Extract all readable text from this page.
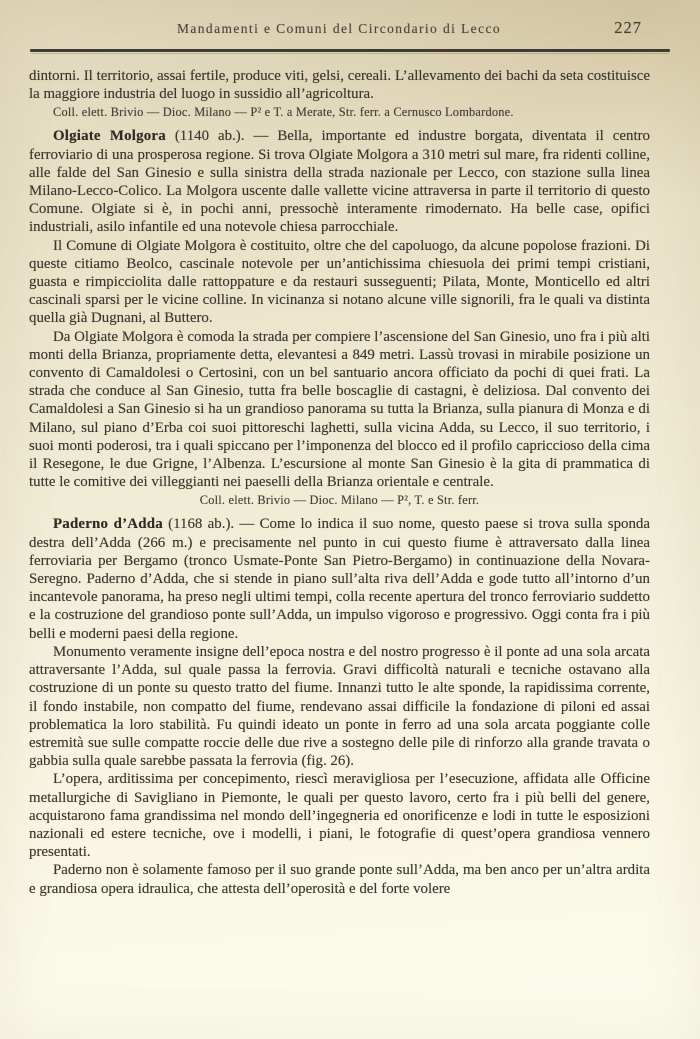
Mandamenti e Comuni del Circondario di Lecco	227

dintorni. Il territorio, assai fertile, produce viti, gelsi, cereali. L’allevamento dei bachi da seta costituisce la maggiore industria del luogo in sussidio all’agricoltura.

Coll. elett. Brivio — Dioc. Milano — P² e T. a Merate, Str. ferr. a Cernusco Lombardone.

Olgiate Molgora (1140 ab.). — Bella, importante ed industre borgata, diventata il centro ferroviario di una prosperosa regione. Si trova Olgiate Molgora a 310 metri sul mare, fra ridenti colline, alle falde del San Ginesio e sulla sinistra della strada nazionale per Lecco, con stazione sulla linea Milano-Lecco-Colico. La Molgora uscente dalle vallette vicine attraversa in parte il territorio di questo Comune. Olgiate si è, in pochi anni, pressochè interamente rimodernato. Ha belle case, opifici industriali, asilo infantile ed una notevole chiesa parrocchiale.

Il Comune di Olgiate Molgora è costituito, oltre che del capoluogo, da alcune popolose frazioni. Di queste citiamo Beolco, cascinale notevole per un’antichissima chiesuola dei primi tempi cristiani, guasta e rimpicciolita dalle rattoppature e da restauri susseguenti; Pilata, Monte, Monticello ed altri cascinali sparsi per le vicine colline. In vicinanza si notano alcune ville signorili, fra le quali va distinta quella già Dugnani, al Buttero.

Da Olgiate Molgora è comoda la strada per compiere l’ascensione del San Ginesio, uno fra i più alti monti della Brianza, propriamente detta, elevantesi a 849 metri. Lassù trovasi in mirabile posizione un convento di Camaldolesi o Certosini, con un bel santuario ancora officiato da pochi di quei frati. La strada che conduce al San Ginesio, tutta fra belle boscaglie di castagni, è deliziosa. Dal convento dei Camaldolesi a San Ginesio si ha un grandioso panorama su tutta la Brianza, sulla pianura di Monza e di Milano, sul piano d’Erba coi suoi pittoreschi laghetti, sulla vicina Adda, su Lecco, il suo territorio, i suoi monti poderosi, tra i quali spiccano per l’imponenza del blocco ed il profilo capriccioso della cima il Resegone, le due Grigne, l’Albenza. L’escursione al monte San Ginesio è la gita di prammatica di tutte le comitive dei villeggianti nei paeselli della Brianza orientale e centrale.

Coll. elett. Brivio — Dioc. Milano — P², T. e Str. ferr.

Paderno d’Adda (1168 ab.). — Come lo indica il suo nome, questo paese si trova sulla sponda destra dell’Adda (266 m.) e precisamente nel punto in cui questo fiume è attraversato dalla linea ferroviaria per Bergamo (tronco Usmate-Ponte San Pietro-Bergamo) in continuazione della Novara-Seregno. Paderno d’Adda, che si stende in piano sull’alta riva dell’Adda e gode tutto all’intorno d’un incantevole panorama, ha preso negli ultimi tempi, colla recente apertura del tronco ferroviario suddetto e la costruzione del grandioso ponte sull’Adda, un impulso vigoroso e progressivo. Oggi conta fra i più belli e moderni paesi della regione.

Monumento veramente insigne dell’epoca nostra e del nostro progresso è il ponte ad una sola arcata attraversante l’Adda, sul quale passa la ferrovia. Gravi difficoltà naturali e tecniche ostavano alla costruzione di un ponte su questo tratto del fiume. Innanzi tutto le alte sponde, la rapidissima corrente, il fondo instabile, non compatto del fiume, rendevano assai difficile la fondazione di piloni ed assai problematica la loro stabilità. Fu quindi ideato un ponte in ferro ad una sola arcata poggiante colle estremità sue sulle compatte roccie delle due rive a sostegno delle pile di rinforzo alla grande travata o gabbia sulla quale sarebbe passata la ferrovia (fig. 26).

L’opera, arditissima per concepimento, riescì meravigliosa per l’esecuzione, affidata alle Officine metallurgiche di Savigliano in Piemonte, le quali per questo lavoro, certo fra i più belli del genere, acquistarono fama grandissima nel mondo dell’ingegneria ed onorificenze e lodi in tutte le esposizioni nazionali ed estere tecniche, ove i modelli, i piani, le fotografie di quest’opera grandiosa vennero presentati.

Paderno non è solamente famoso per il suo grande ponte sull’Adda, ma ben anco per un’altra ardita e grandiosa opera idraulica, che attesta dell’operosità e del forte volere
